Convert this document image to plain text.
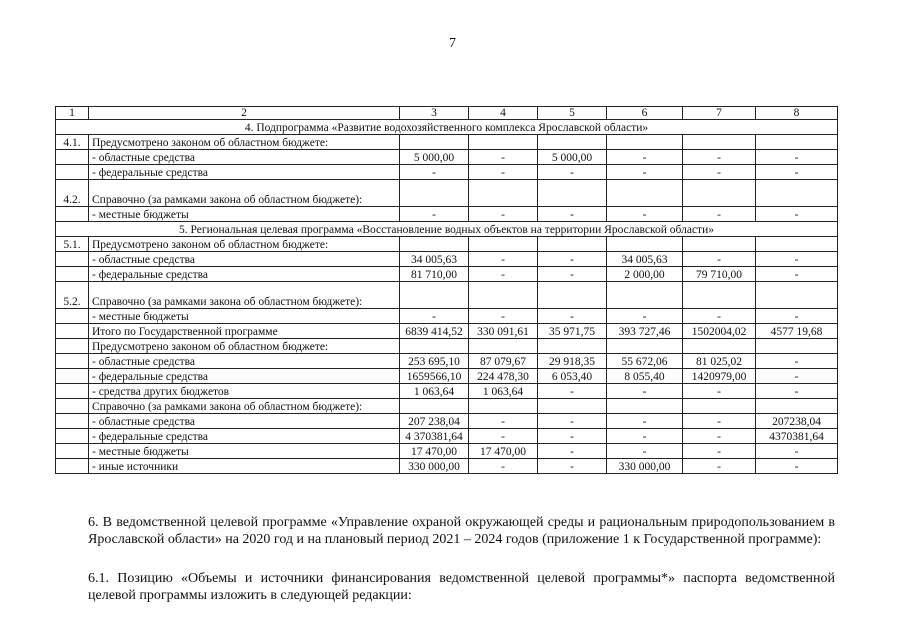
7
1	2	3	4	5	6	7	8
4. Подпрограмма «Развитие водохозяйственного комплекса Ярославской области»							
4.1.	Предусмотрено законом об областном бюджете:						
	- областные средства	5 000,00	-	5 000,00	-	-	-
	- федеральные средства	-	-	-	-	-	-
4.2.	Справочно (за рамками закона об областном бюджете):						
	- местные бюджеты	-	-	-	-	-	-
5. Региональная целевая программа «Восстановление водных объектов на территории Ярославской области»							
5.1.	Предусмотрено законом об областном бюджете:						
	- областные средства	34 005,63	-	-	34 005,63	-	-
	- федеральные средства	81 710,00	-	-	2 000,00	79 710,00	-
5.2.	Справочно (за рамками закона об областном бюджете):						
	- местные бюджеты	-	-	-	-	-	-
	Итого по Государственной программе	6839 414,52	330 091,61	35 971,75	393 727,46	1502004,02	4577 19,68
	Предусмотрено законом об областном бюджете:						
	- областные средства	253 695,10	87 079,67	29 918,35	55 672,06	81 025,02	-
	- федеральные средства	1659566,10	224 478,30	6 053,40	8 055,40	1420979,00	-
	- средства других бюджетов	1 063,64	1 063,64	-	-	-	-
	Справочно (за рамками закона об областном бюджете):						
	- областные средства	207 238,04	-	-	-	-	207238,04
	- федеральные средства	4 370381,64	-	-	-	-	4370381,64
	- местные бюджеты	17 470,00	17 470,00	-	-	-	-
	- иные источники	330 000,00	-	-	330 000,00	-	-

6. В ведомственной целевой программе «Управление охраной окружающей среды и рациональным природопользованием в Ярославской области» на 2020 год и на плановый период 2021 – 2024 годов (приложение 1 к Государственной программе):

6.1. Позицию «Объемы и источники финансирования ведомственной целевой программы*» паспорта ведомственной целевой программы изложить в следующей редакции:
